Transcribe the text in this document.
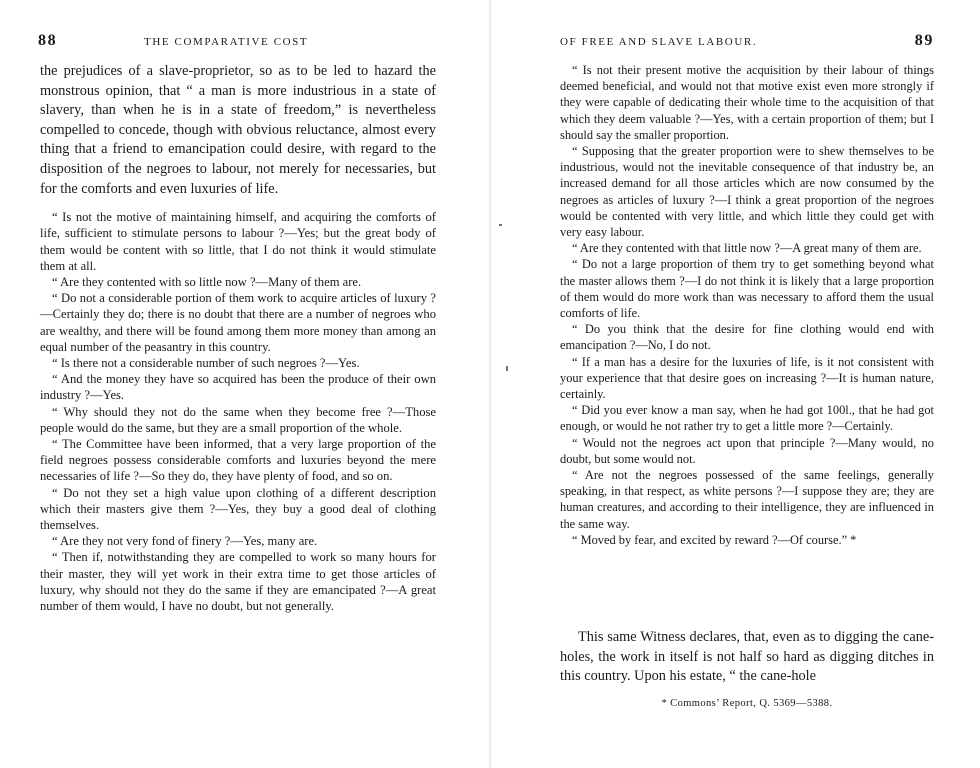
88	THE COMPARATIVE COST

the prejudices of a slave-proprietor, so as to be led to hazard the monstrous opinion, that “ a man is more industrious in a state of slavery, than when he is in a state of freedom,” is nevertheless compelled to concede, though with obvious reluctance, almost every thing that a friend to emancipation could desire, with regard to the disposition of the negroes to labour, not merely for necessaries, but for the comforts and even luxuries of life.

“ Is not the motive of maintaining himself, and acquiring the comforts of life, sufficient to stimulate persons to labour ?—Yes; but the great body of them would be content with so little, that I do not think it would stimulate them at all.

“ Are they contented with so little now ?—Many of them are.

“ Do not a considerable portion of them work to acquire articles of luxury ?—Certainly they do; there is no doubt that there are a number of negroes who are wealthy, and there will be found among them more money than among an equal number of the peasantry in this country.

“ Is there not a considerable number of such negroes ?—Yes.

“ And the money they have so acquired has been the produce of their own industry ?—Yes.

“ Why should they not do the same when they become free ?—Those people would do the same, but they are a small proportion of the whole.

“ The Committee have been informed, that a very large proportion of the field negroes possess considerable comforts and luxuries beyond the mere necessaries of life ?—So they do, they have plenty of food, and so on.

“ Do not they set a high value upon clothing of a different description which their masters give them ?—Yes, they buy a good deal of clothing themselves.

“ Are they not very fond of finery ?—Yes, many are.

“ Then if, notwithstanding they are compelled to work so many hours for their master, they will yet work in their extra time to get those articles of luxury, why should not they do the same if they are emancipated ?—A great number of them would, I have no doubt, but not generally.

OF FREE AND SLAVE LABOUR.	89

“ Is not their present motive the acquisition by their labour of things deemed beneficial, and would not that motive exist even more strongly if they were capable of dedicating their whole time to the acquisition of that which they deem valuable ?—Yes, with a certain proportion of them; but I should say the smaller proportion.

“ Supposing that the greater proportion were to shew themselves to be industrious, would not the inevitable consequence of that industry be, an increased demand for all those articles which are now consumed by the negroes as articles of luxury ?—I think a great proportion of the negroes would be contented with very little, and which little they could get with very easy labour.

“ Are they contented with that little now ?—A great many of them are.

“ Do not a large proportion of them try to get something beyond what the master allows them ?—I do not think it is likely that a large proportion of them would do more work than was necessary to afford them the usual comforts of life.

“ Do you think that the desire for fine clothing would end with emancipation ?—No, I do not.

“ If a man has a desire for the luxuries of life, is it not consistent with your experience that that desire goes on increasing ?—It is human nature, certainly.

“ Did you ever know a man say, when he had got 100l., that he had got enough, or would he not rather try to get a little more ?—Certainly.

“ Would not the negroes act upon that principle ?—Many would, no doubt, but some would not.

“ Are not the negroes possessed of the same feelings, generally speaking, in that respect, as white persons ?—I suppose they are; they are human creatures, and according to their intelligence, they are influenced in the same way.

“ Moved by fear, and excited by reward ?—Of course.” *

This same Witness declares, that, even as to digging the cane-holes, the work in itself is not half so hard as digging ditches in this country. Upon his estate, “ the cane-hole

* Commons’ Report, Q. 5369—5388.
